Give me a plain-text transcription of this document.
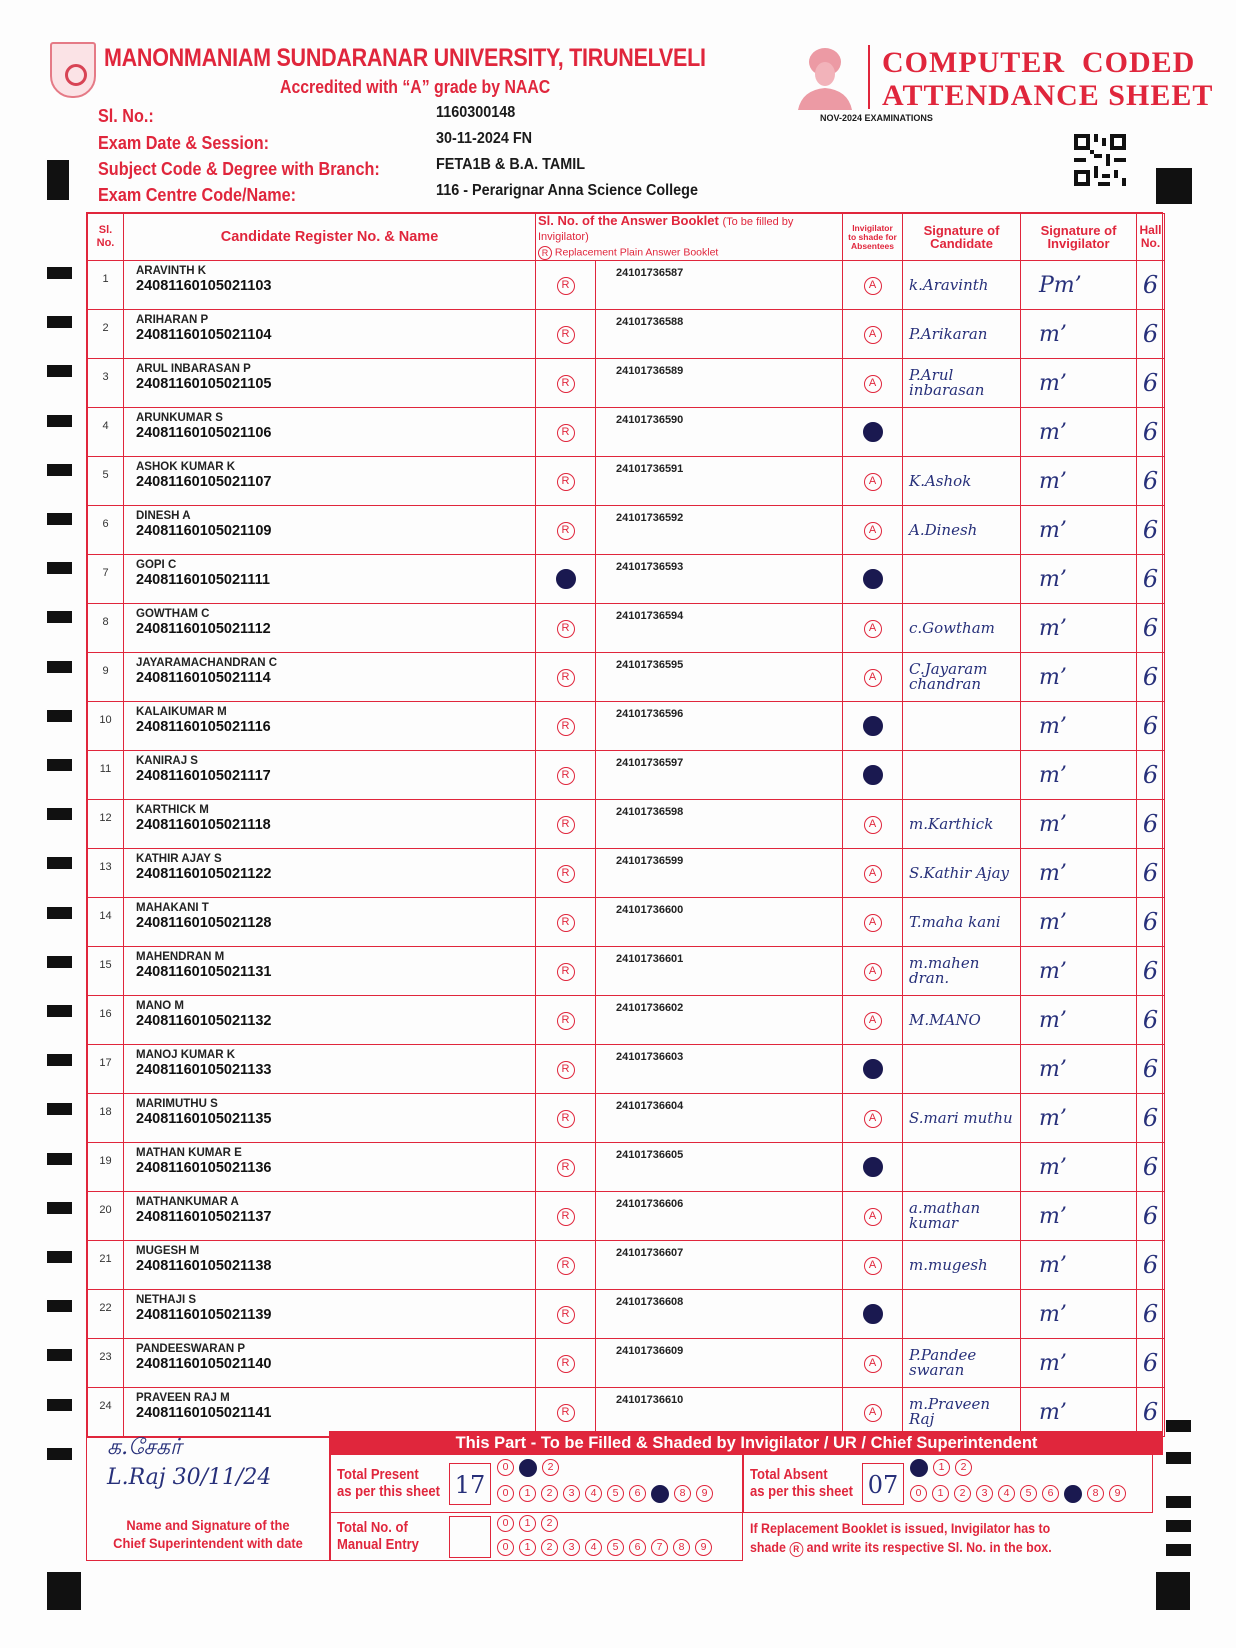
MANONMANIAM SUNDARANAR UNIVERSITY, TIRUNELVELI
Accredited with “A” grade by NAAC
COMPUTER  CODED
ATTENDANCE SHEET
NOV-2024 EXAMINATIONS
Sl. No.:	1160300148
Exam Date & Session:	30-11-2024 FN
Subject Code & Degree with Branch:	FETA1B & B.A. TAMIL
Exam Centre Code/Name:	116 - Perarignar Anna Science College
Sl.
No.	Candidate Register No. & Name	Sl. No. of the Answer Booklet (To be filled by Invigilator)
R Replacement Plain Answer Booklet		Invigilator
to shade for
Absentees	Signature of
Candidate	Signature of
Invigilator	Hall
No.
1	ARAVINTH K
24081160105021103	R	24101736587	A	k.Aravinth	Pm’	6
2	ARIHARAN P
24081160105021104	R	24101736588	A	P.Arikaran	m’	6
3	ARUL INBARASAN P
24081160105021105	R	24101736589	A	P.Arul inbarasan	m’	6
4	ARUNKUMAR S
24081160105021106	R	24101736590			m’	6
5	ASHOK KUMAR K
24081160105021107	R	24101736591	A	K.Ashok	m’	6
6	DINESH A
24081160105021109	R	24101736592	A	A.Dinesh	m’	6
7	GOPI C
24081160105021111		24101736593			m’	6
8	GOWTHAM C
24081160105021112	R	24101736594	A	c.Gowtham	m’	6
9	JAYARAMACHANDRAN C
24081160105021114	R	24101736595	A	C.Jayaram chandran	m’	6
10	KALAIKUMAR M
24081160105021116	R	24101736596			m’	6
11	KANIRAJ S
24081160105021117	R	24101736597			m’	6
12	KARTHICK M
24081160105021118	R	24101736598	A	m.Karthick	m’	6
13	KATHIR AJAY S
24081160105021122	R	24101736599	A	S.Kathir Ajay	m’	6
14	MAHAKANI T
24081160105021128	R	24101736600	A	T.maha kani	m’	6
15	MAHENDRAN M
24081160105021131	R	24101736601	A	m.mahen dran.	m’	6
16	MANO M
24081160105021132	R	24101736602	A	M.MANO	m’	6
17	MANOJ KUMAR K
24081160105021133	R	24101736603			m’	6
18	MARIMUTHU S
24081160105021135	R	24101736604	A	S.mari muthu	m’	6
19	MATHAN KUMAR E
24081160105021136	R	24101736605			m’	6
20	MATHANKUMAR A
24081160105021137	R	24101736606	A	a.mathan kumar	m’	6
21	MUGESH M
24081160105021138	R	24101736607	A	m.mugesh	m’	6
22	NETHAJI S
24081160105021139	R	24101736608			m’	6
23	PANDEESWARAN P
24081160105021140	R	24101736609	A	P.Pandee swaran	m’	6
24	PRAVEEN RAJ M
24081160105021141	R	24101736610	A	m.Praveen Raj	m’	6
க.சேகர்
L.Raj 30/11/24
Name and Signature of the
Chief Superintendent with date
This Part - To be Filled & Shaded by Invigilator / UR / Chief Superintendent
Total Present
as per this sheet 17
0	2
0	1	2	3	4	5	6	8	9
Total Absent
as per this sheet 07
1	2
0	1	2	3	4	5	6	8	9
Total No. of
Manual Entry
0	1	2
0	1	2	3	4	5	6	7	8	9
If Replacement Booklet is issued, Invigilator has to
shade R and write its respective Sl. No. in the box.
